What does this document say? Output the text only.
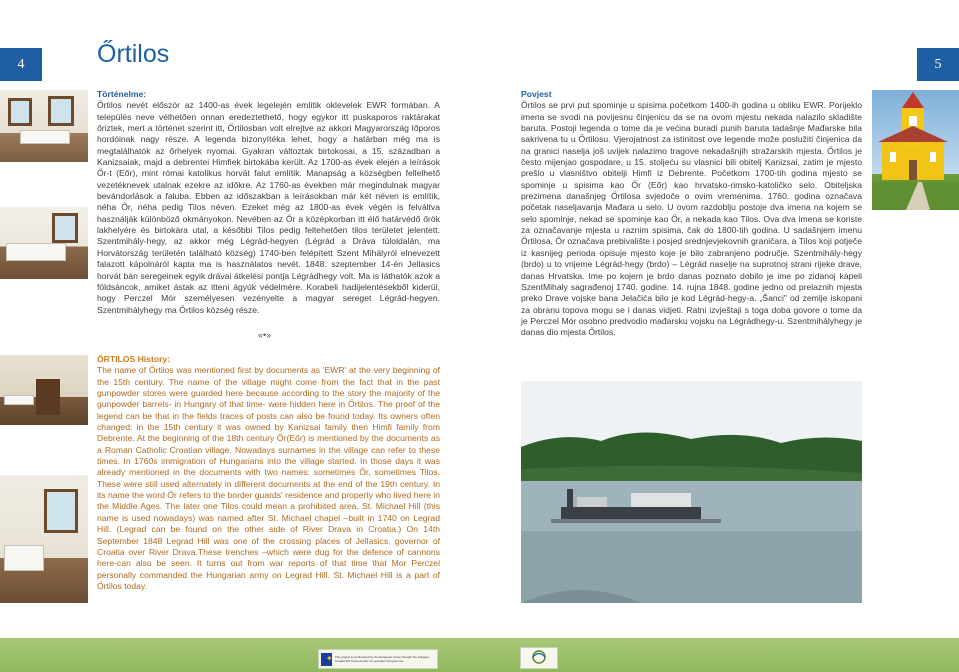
4	5
Őrtilos

Történelme:

Őrtilos nevét először az 1400-as évek legelején említik oklevelek EWR formában. A település neve vélhetően onnan eredeztethető, hogy egykor itt puskaporos raktárakat őriztek, mert a történet szerint itt, Őrtilosban volt elrejtve az akkori Magyarország lőporos hordóinak nagy része. A legenda bizonyítéka lehet, hogy a határban még ma is megtalálhatók az őrhelyek nyomai. Gyakran változtak birtokosai, a 15. században a Kanizsaiak, majd a debrentei Himfiek birtokába került. Az 1700-as évek elején a leírások Őr-t (Eőr), mint római katolikus horvát falut említik. Manapság a községben fellelhető vezetéknevek utalnak ezekre az időkre. Az 1760-as években már megindulnak magyar bevándorlások a faluba. Ebben az időszakban a leírásokban már két néven is említik, néha Őr, néha pedig Tilos néven. Ezeket még az 1800-as évek végén is felváltva használják különböző okmányokon. Nevében az Őr a középkorban itt élő határvédő őrök lakhelyére és birtokára utal, a későbbi Tilos pedig feltehetően tilos területet jelentett. Szentmihály-hegy, az akkor még Légrád-hegyen (Légrád a Dráva túloldalán, ma Horvátország területén található község) 1740-ben felépített Szent Mihályról elnevezett falazott kápolnáról kapta ma is használatos nevét. 1848. szeptember 14-én Jellasics horvát bán seregeinek egyik drávai átkelési pontja Légrádhegy volt. Ma is láthatók azok a földsáncok, amiket ástak az itteni ágyúk védelmére. Korabeli hadijelentésekből kiderül, hogy Perczel Mór személyesen vezényelte a magyar sereget Légrád-hegyen. Szentmihályhegy ma Őrtilos község része.

«•»

ŐRTILOS History:

The name of Őrtilos was mentioned first by documents as 'EWR' at the very beginning of the 15th century. The name of the village might come from the fact that in the past gunpowder stores were guarded here because according to the story the majority of the gunpowder barrels- in Hungary of that time- were hidden here in Őrtilos. The proof of the legend can be that in the fields traces of posts can also be found today. Its owners often changed: in the 15th century it was owned by Kanizsai family then Himfi family from Debrente. At the beginning of the 18th century Őr(Eőr) is mentioned by the documents as a Roman Catholic Croatian village. Nowadays surnames in the village can refer to these times. In 1760s immigration of Hungarians into the village started. In those days it was already mentioned in the documents with two names: sometimes Őr, sometimes Tilos. These were still used alternately in different documents at the end of the 19th century. In its name the word Őr refers to the border guards' residence and property who lived here in the Middle Ages. The later one Tilos could mean a prohibited area. St. Michael Hill (this name is used nowadays) was named after St. Michael chapel –built in 1740 on Legrad Hill. (Legrad can be found on the other side of River Drava in Croatia.) On 14th September 1848 Legrad Hill was one of the crossing places of Jellasics, governor of Croatia over River Drava.These trenches –which were dug for the defence of cannons here-can also be seen. It turns out from war reports of that time that Mor Perczel personally commanded the Hungarian army on Legrad Hill. St. Michael Hill is a part of Őrtilos today.

Povjest

Őrtilos se prvi put spominje u spisima početkom 1400-ih godina u obliku EWR. Porijeklo imena se svodi na povijesnu činjenicu da se na ovom mjestu nekada nalazilo skladište baruta. Postoji legenda o tome da je većina buradi punih baruta tadašnje Mađarske bila sakrivena tu u Őrtilosu. Vjerojatnost za istinitost ove legende može poslužiti činjenica da na granici naselja još uvijek nalazimo tragove nekadašnjih stražarskih mjesta. Őrtilos je često mijenjao gospodare, u 15. stoljeću su vlasnici bili obitelj Kanizsai, zatim je mjesto prešlo u vlasništvo obitelji Himfi iz Debrente. Početkom 1700-tih godina mjesto se spominje u spisima kao Őr (Eőr) kao hrvatsko-rimsko-katoličko selo. Obiteljska prezimena današnjeg Őrtilosa svjedoče o ovim vremenima. 1760. godina označava početak naseljavanja Mađara u selo. U ovom razdoblju postoje dva imena na kojem se selo spominje, nekad se spominje kao Őr, a nekada kao Tilos. Ova dva imena se koriste za označavanje mjesta u raznim spisima, čak do 1800-tih godina. U sadašnjem imenu Őrtilosa, Őr označava prebivalište i posjed srednjevjekovnih graničara, a Tilos koji potječe iz kasnijeg perioda opisuje mjesto koje je bilo zabranjeno područje. Szentmihály-hegy (brdo) u to vrijeme Légrád-hegy (brdo) – Légrád naselje na suprotnoj strani rijeke drave, danas Hrvatska. Ime po kojem je brdo danas poznato dobilo je ime po zidanoj kapeli SzentMihaly sagrađenoj 1740. godine. 14. rujna 1848. godine jedno od prelaznih mjesta preko Drave vojske bana Jelačića bilo je kod Légrád-hegy-a. „Šanci" od zemlje iskopani za obranu topova mogu se i danas vidjeti. Ratni izvještaji s toga doba govore o tome da je Perczel Mór osobno predvodio mađarsku vojsku na Légrádhegy-u. Szentmihályhegy je danas dio mjesta Őrtilos.

✦
The project is co-financed by the European Union through the Hungary-Croatia IPA Cross-border Co-operation Programme
